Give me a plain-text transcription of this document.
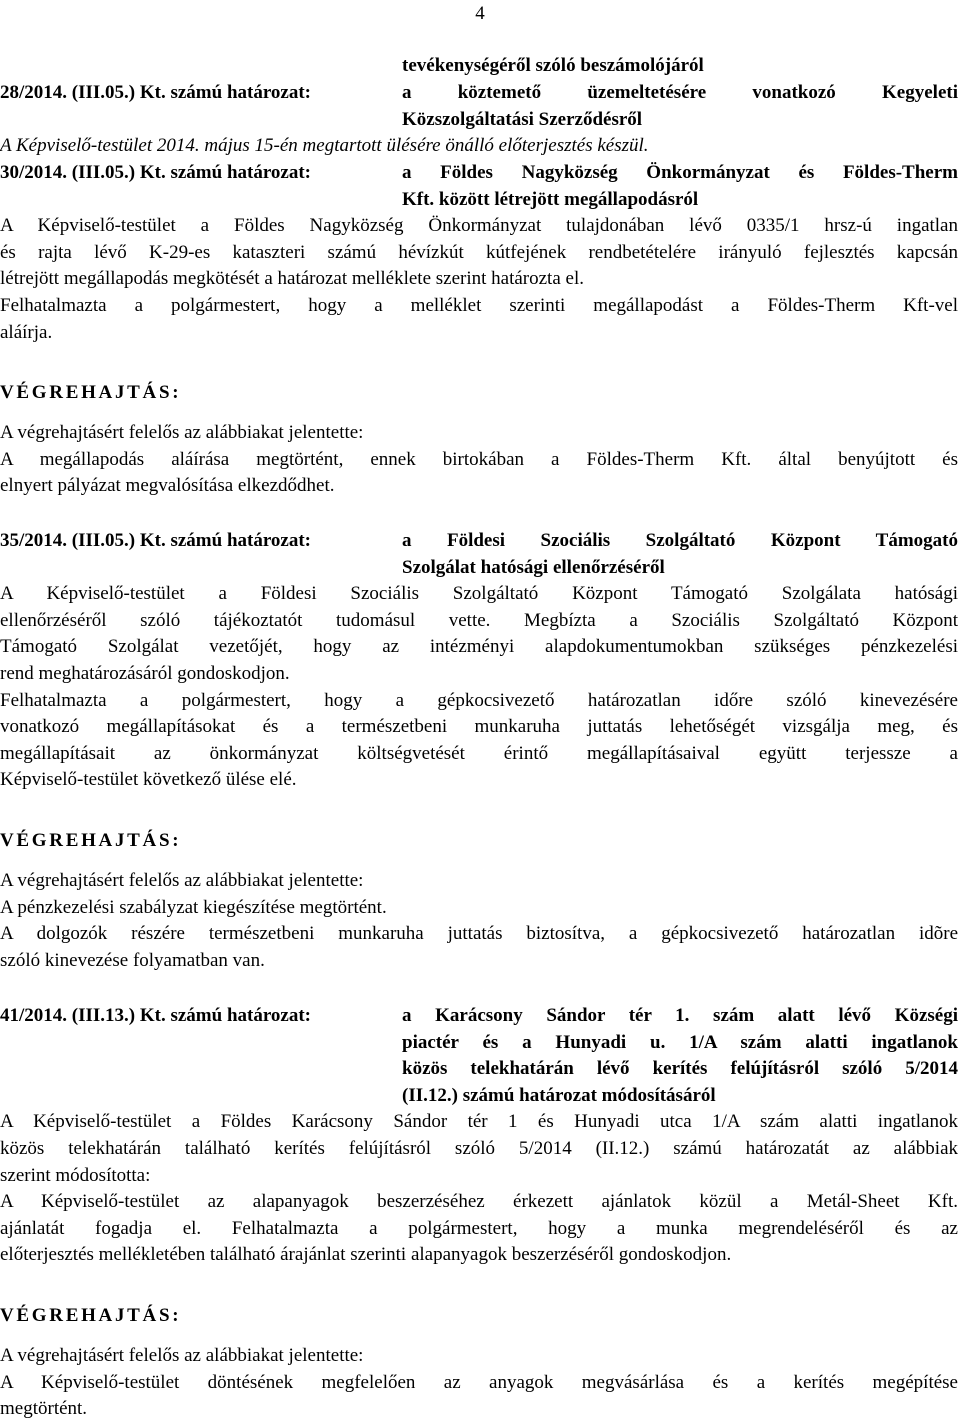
4
tevékenységéről szóló beszámolójáról
28/2014. (III.05.) Kt. számú határozat:	a köztemető üzemeltetésére vonatkozó Kegyeleti
Közszolgáltatási Szerződésről
A Képviselő-testület 2014. május 15-én megtartott ülésére önálló előterjesztés készül.
30/2014. (III.05.) Kt. számú határozat:	a Földes Nagyközség Önkormányzat és Földes-Therm
Kft. között létrejött megállapodásról
A Képviselő-testület a Földes Nagyközség Önkormányzat tulajdonában lévő 0335/1 hrsz-ú ingatlan
és rajta lévő K-29-es kataszteri számú hévízkút kútfejének rendbetételére irányuló fejlesztés kapcsán
létrejött megállapodás megkötését a határozat melléklete szerint határozta el.
Felhatalmazta a polgármestert, hogy a melléklet szerinti megállapodást a Földes-Therm Kft-vel
aláírja.
VÉGREHAJTÁS:
A végrehajtásért felelős az alábbiakat jelentette:
A megállapodás aláírása megtörtént, ennek birtokában a Földes-Therm Kft. által benyújtott és
elnyert pályázat megvalósítása elkezdődhet.
35/2014. (III.05.) Kt. számú határozat:	a Földesi Szociális Szolgáltató Központ Támogató
Szolgálat hatósági ellenőrzéséről
A Képviselő-testület a Földesi Szociális Szolgáltató Központ Támogató Szolgálata hatósági
ellenőrzéséről szóló tájékoztatót tudomásul vette. Megbízta a Szociális Szolgáltató Központ
Támogató Szolgálat vezetőjét, hogy az intézményi alapdokumentumokban szükséges pénzkezelési
rend meghatározásáról gondoskodjon.
Felhatalmazta a polgármestert, hogy a gépkocsivezető határozatlan időre szóló kinevezésére
vonatkozó megállapításokat és a természetbeni munkaruha juttatás lehetőségét vizsgálja meg, és
megállapításait az önkormányzat költségvetését érintő megállapításaival együtt terjessze a
Képviselő-testület következő ülése elé.
VÉGREHAJTÁS:
A végrehajtásért felelős az alábbiakat jelentette:
A pénzkezelési szabályzat kiegészítése megtörtént.
A dolgozók részére természetbeni munkaruha juttatás biztosítva, a gépkocsivezető határozatlan idõre
szóló kinevezése folyamatban van.
41/2014. (III.13.) Kt. számú határozat:	a Karácsony Sándor tér 1. szám alatt lévő Községi
piactér és a Hunyadi u. 1/A szám alatti ingatlanok
közös telekhatárán lévő kerítés felújításról szóló 5/2014
(II.12.) számú határozat módosításáról
A Képviselő-testület a Földes Karácsony Sándor tér 1 és Hunyadi utca 1/A szám alatti ingatlanok
közös telekhatárán található kerítés felújításról szóló 5/2014 (II.12.) számú határozatát az alábbiak
szerint módosította:
A Képviselő-testület az alapanyagok beszerzéséhez érkezett ajánlatok közül a Metál-Sheet Kft.
ajánlatát fogadja el. Felhatalmazta a polgármestert, hogy a munka megrendeléséről és az
előterjesztés mellékletében található árajánlat szerinti alapanyagok beszerzéséről gondoskodjon.
VÉGREHAJTÁS:
A végrehajtásért felelős az alábbiakat jelentette:
A Képviselő-testület döntésének megfelelően az anyagok megvásárlása és a kerítés megépítése
megtörtént.
